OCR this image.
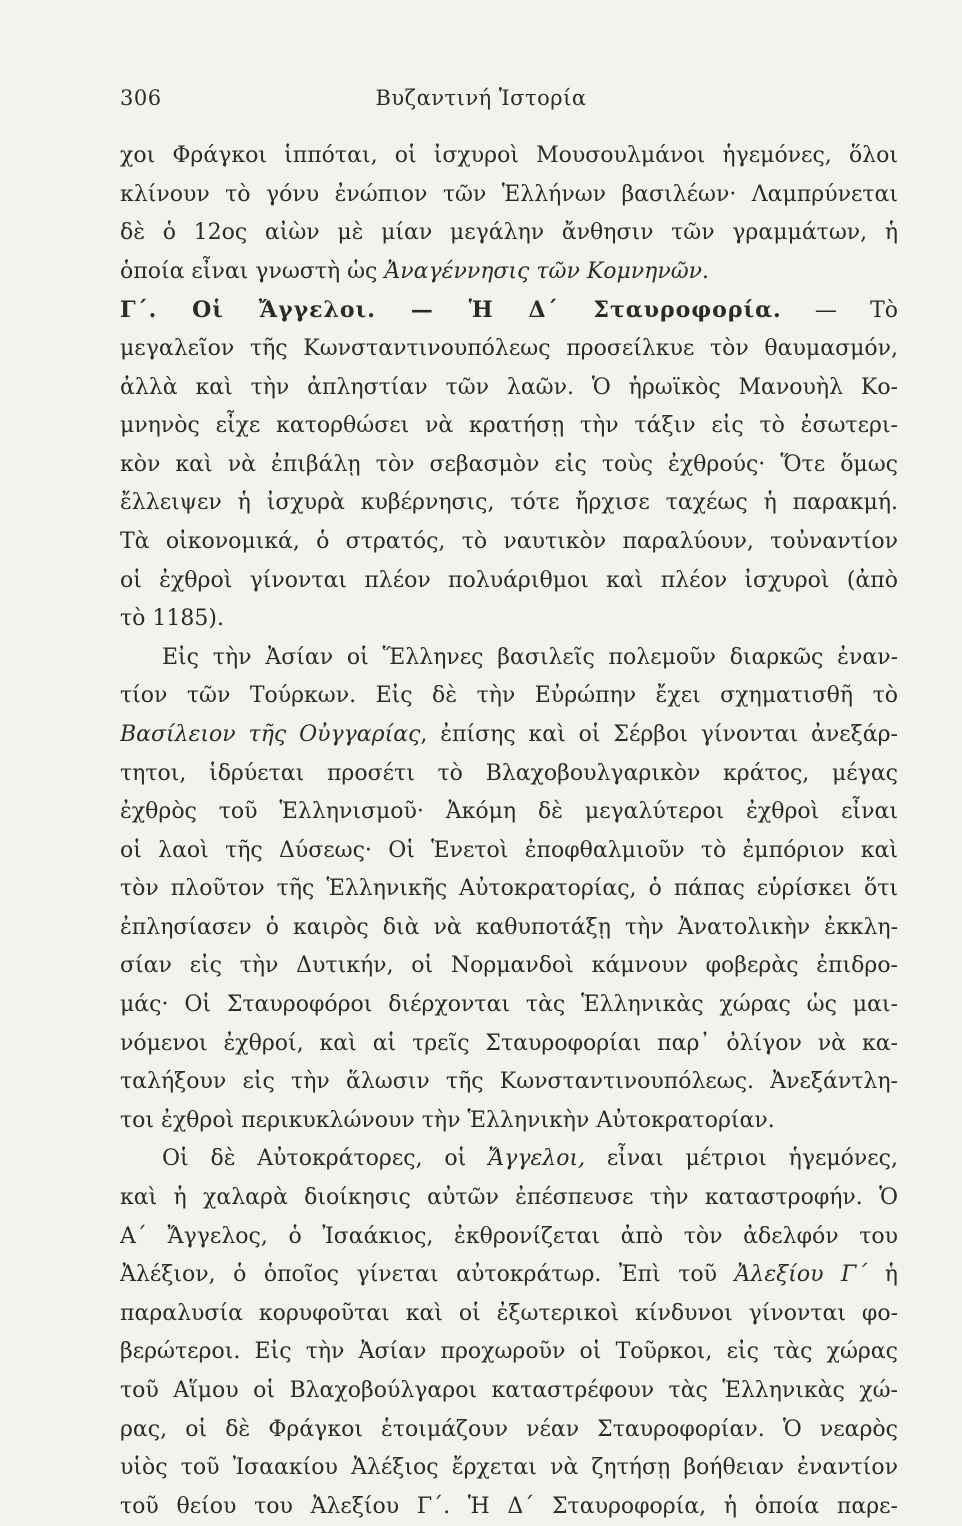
306	Βυζαντινή Ἱστορία
χοι Φράγκοι ἱππόται, οἱ ἰσχυροὶ Μουσουλμάνοι ἡγεμόνες, ὅλοι
κλίνουν τὸ γόνυ ἐνώπιον τῶν Ἑλλήνων βασιλέων· Λαμπρύνεται
δὲ ὁ 12ος αἰὼν μὲ μίαν μεγάλην ἄνθησιν τῶν γραμμάτων, ἡ
ὁποία εἶναι γνωστὴ ὡς Ἀναγέννησις τῶν Κομνηνῶν.
Γ΄. Οἱ Ἄγγελοι. — Ἡ Δ΄ Σταυροφορία. — Τὸ
μεγαλεῖον τῆς Κωνσταντινουπόλεως προσείλκυε τὸν θαυμασμόν,
ἀλλὰ καὶ τὴν ἀπληστίαν τῶν λαῶν. Ὁ ἡρωϊκὸς Μανουὴλ Κο-
μνηνὸς εἶχε κατορθώσει νὰ κρατήσῃ τὴν τάξιν εἰς τὸ ἐσωτερι-
κὸν καὶ νὰ ἐπιβάλῃ τὸν σεβασμὸν εἰς τοὺς ἐχθρούς· Ὅτε ὅμως
ἔλλειψεν ἡ ἰσχυρὰ κυβέρνησις, τότε ἤρχισε ταχέως ἡ παρακμή.
Τὰ οἰκονομικά, ὁ στρατός, τὸ ναυτικὸν παραλύουν, τοὐναντίον
οἱ ἐχθροὶ γίνονται πλέον πολυάριθμοι καὶ πλέον ἰσχυροὶ (ἀπὸ
τὸ 1185).
Εἰς τὴν Ἀσίαν οἱ Ἕλληνες βασιλεῖς πολεμοῦν διαρκῶς ἐναν-
τίον τῶν Τούρκων. Εἰς δὲ τὴν Εὐρώπην ἔχει σχηματισθῆ τὸ
Βασίλειον τῆς Οὐγγαρίας, ἐπίσης καὶ οἱ Σέρβοι γίνονται ἀνεξάρ-
τητοι, ἱδρύεται προσέτι τὸ Βλαχοβουλγαρικὸν κράτος, μέγας
ἐχθρὸς τοῦ Ἑλληνισμοῦ· Ἀκόμη δὲ μεγαλύτεροι ἐχθροὶ εἶναι
οἱ λαοὶ τῆς Δύσεως· Οἱ Ἑνετοὶ ἐποφθαλμιοῦν τὸ ἐμπόριον καὶ
τὸν πλοῦτον τῆς Ἑλληνικῆς Αὐτοκρατορίας, ὁ πάπας εὑρίσκει ὅτι
ἐπλησίασεν ὁ καιρὸς διὰ νὰ καθυποτάξῃ τὴν Ἀνατολικὴν ἐκκλη-
σίαν εἰς τὴν Δυτικήν, οἱ Νορμανδοὶ κάμνουν φοβερὰς ἐπιδρο-
μάς· Οἱ Σταυροφόροι διέρχονται τὰς Ἑλληνικὰς χώρας ὡς μαι-
νόμενοι ἐχθροί, καὶ αἱ τρεῖς Σταυροφορίαι παρ᾿ ὀλίγον νὰ κα-
ταλήξουν εἰς τὴν ἅλωσιν τῆς Κωνσταντινουπόλεως. Ἀνεξάντλη-
τοι ἐχθροὶ περικυκλώνουν τὴν Ἑλληνικὴν Αὐτοκρατορίαν.
Οἱ δὲ Αὐτοκράτορες, οἱ Ἄγγελοι, εἶναι μέτριοι ἡγεμόνες,
καὶ ἡ χαλαρὰ διοίκησις αὐτῶν ἐπέσπευσε τὴν καταστροφήν. Ὁ
Α΄ Ἄγγελος, ὁ Ἰσαάκιος, ἐκθρονίζεται ἀπὸ τὸν ἀδελφόν του
Ἀλέξιον, ὁ ὁποῖος γίνεται αὐτοκράτωρ. Ἐπὶ τοῦ Ἀλεξίου Γ΄ ἡ
παραλυσία κορυφοῦται καὶ οἱ ἐξωτερικοὶ κίνδυνοι γίνονται φο-
βερώτεροι. Εἰς τὴν Ἀσίαν προχωροῦν οἱ Τοῦρκοι, εἰς τὰς χώρας
τοῦ Αἵμου οἱ Βλαχοβούλγαροι καταστρέφουν τὰς Ἑλληνικὰς χώ-
ρας, οἱ δὲ Φράγκοι ἑτοιμάζουν νέαν Σταυροφορίαν. Ὁ νεαρὸς
υἱὸς τοῦ Ἰσαακίου Ἀλέξιος ἔρχεται νὰ ζητήσῃ βοήθειαν ἐναντίον
τοῦ θείου του Ἀλεξίου Γ΄. Ἡ Δ΄ Σταυροφορία, ἡ ὁποία παρε-
